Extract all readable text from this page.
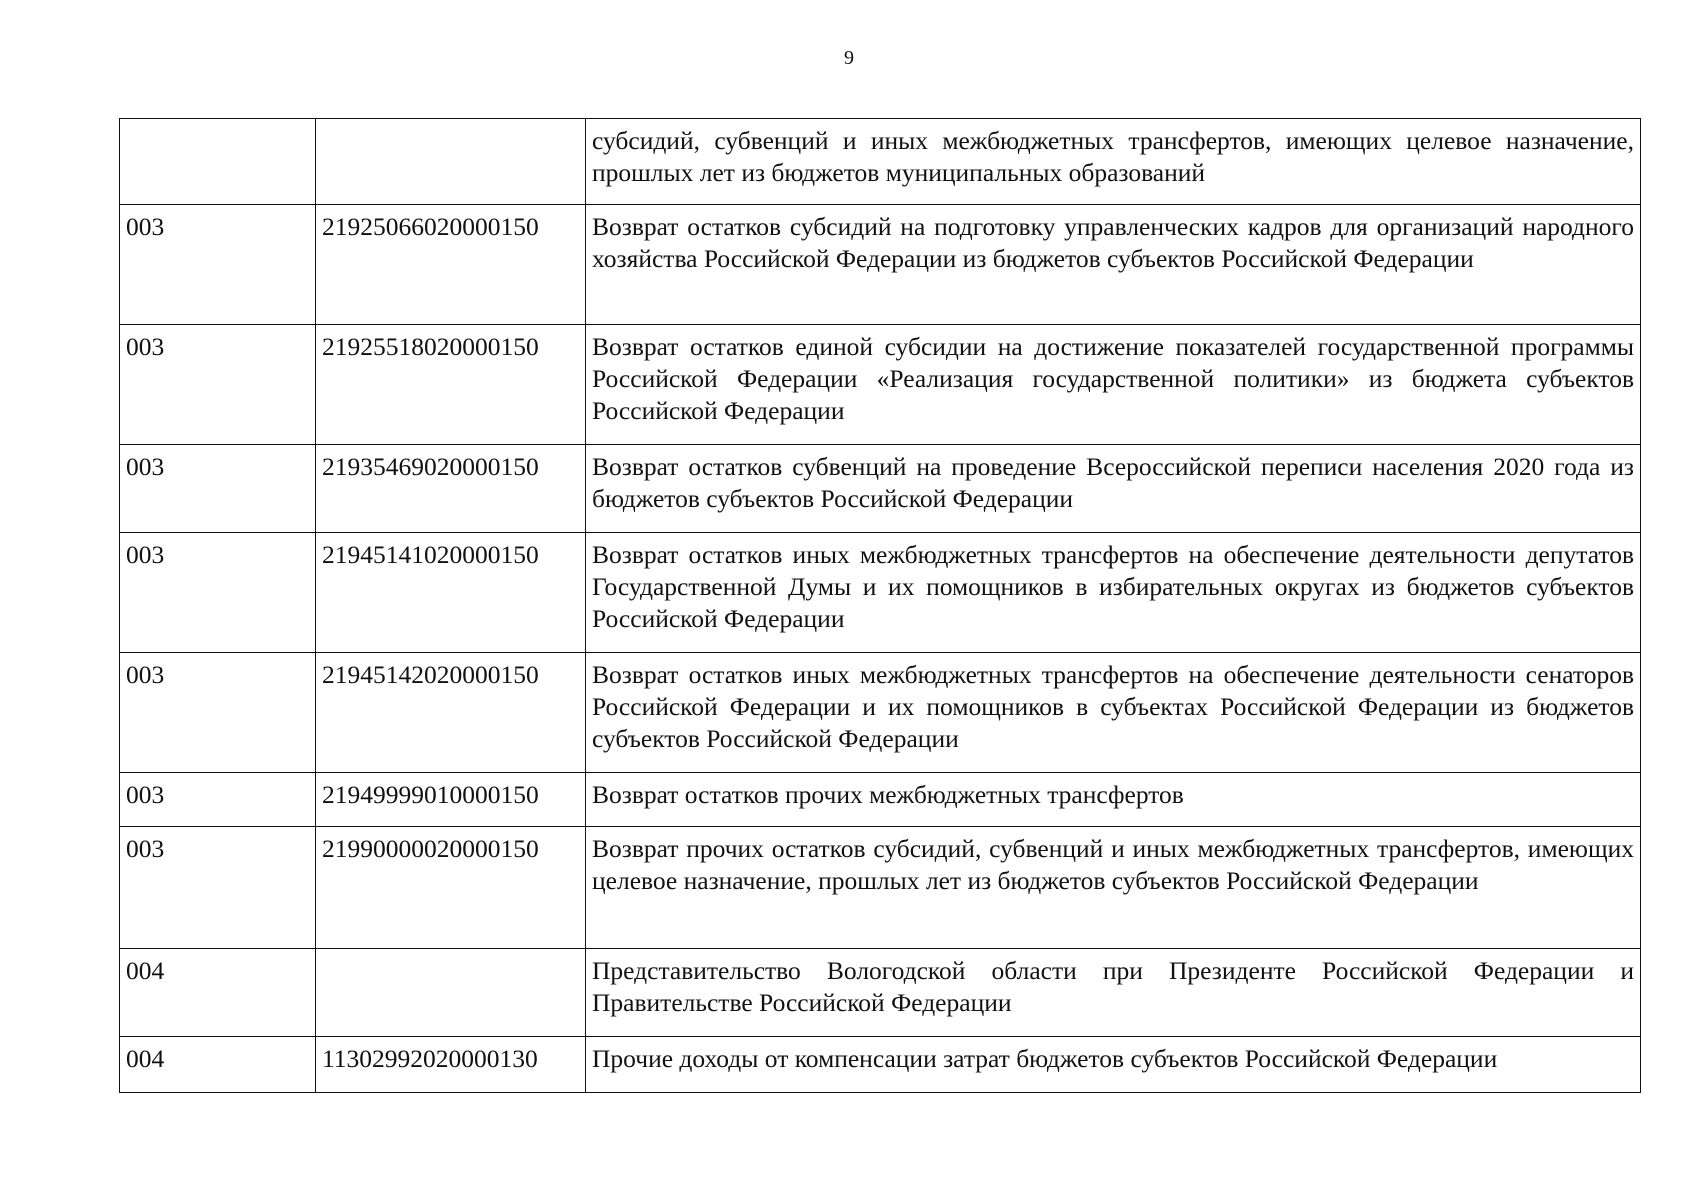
9
		субсидий, субвенций и иных межбюджетных трансфертов, имеющих целевое назначение, прошлых лет из бюджетов муниципальных образований
003	21925066020000150	Возврат остатков субсидий на подготовку управленческих кадров для организаций народного хозяйства Российской Федерации из бюджетов субъектов Российской Федерации
003	21925518020000150	Возврат остатков единой субсидии на достижение показателей государственной программы Российской Федерации «Реализация государственной политики» из бюджета субъектов Российской Федерации
003	21935469020000150	Возврат остатков субвенций на проведение Всероссийской переписи населения 2020 года из бюджетов субъектов Российской Федерации
003	21945141020000150	Возврат остатков иных межбюджетных трансфертов на обеспечение деятельности депутатов Государственной Думы и их помощников в избирательных округах из бюджетов субъектов Российской Федерации
003	21945142020000150	Возврат остатков иных межбюджетных трансфертов на обеспечение деятельности сенаторов Российской Федерации и их помощников в субъектах Российской Федерации из бюджетов субъектов Российской Федерации
003	21949999010000150	Возврат остатков прочих межбюджетных трансфертов
003	21990000020000150	Возврат прочих остатков субсидий, субвенций и иных межбюджетных трансфертов, имеющих целевое назначение, прошлых лет из бюджетов субъектов Российской Федерации
004		Представительство Вологодской области при Президенте Российской Федерации и Правительстве Российской Федерации
004	11302992020000130	Прочие доходы от компенсации затрат бюджетов субъектов Российской Федерации
